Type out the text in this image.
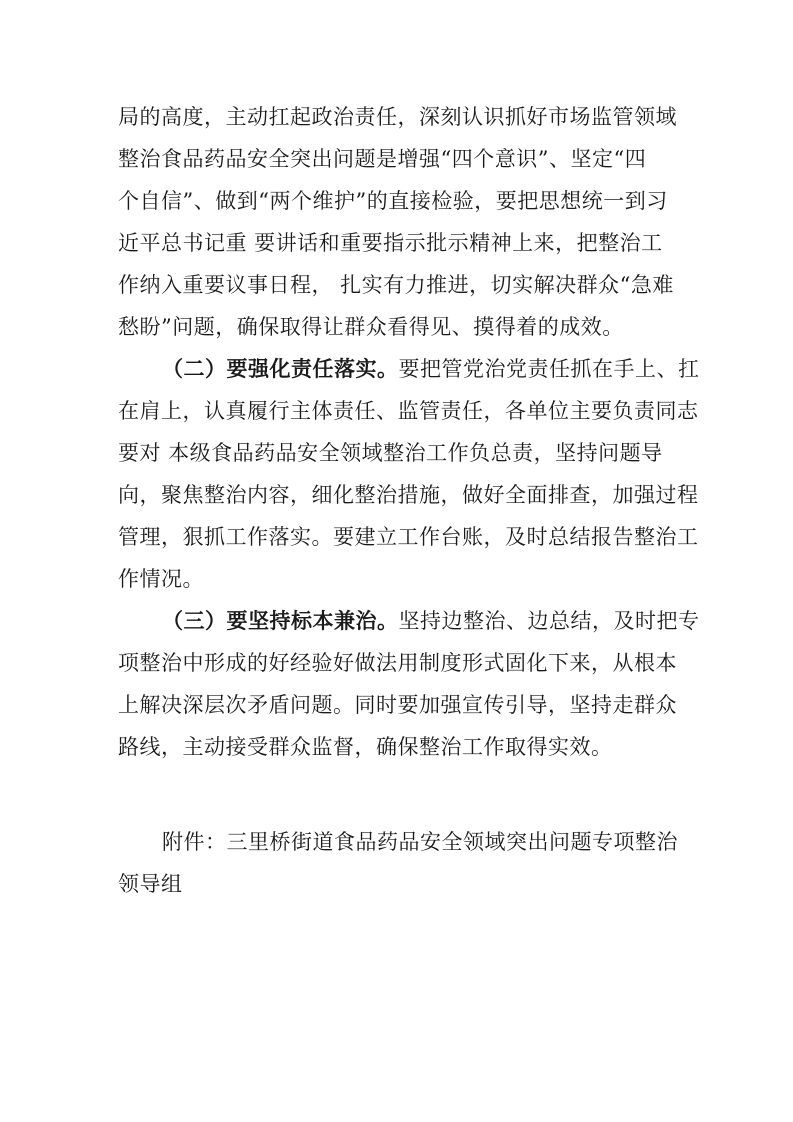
局的高度，主动扛起政治责任，深刻认识抓好市场监管领域
整治食品药品安全突出问题是增强“四个意识”、坚定“四
个自信”、做到“两个维护”的直接检验，要把思想统一到习
近平总书记重 要讲话和重要指示批示精神上来，把整治工
作纳入重要议事日程， 扎实有力推进，切实解决群众“急难
愁盼”问题，确保取得让群众看得见、摸得着的成效。
（二）要强化责任落实。要把管党治党责任抓在手上、扛
在肩上，认真履行主体责任、监管责任，各单位主要负责同志
要对 本级食品药品安全领域整治工作负总责，坚持问题导
向，聚焦整治内容，细化整治措施，做好全面排查，加强过程
管理，狠抓工作落实。要建立工作台账，及时总结报告整治工
作情况。
（三）要坚持标本兼治。坚持边整治、边总结，及时把专
项整治中形成的好经验好做法用制度形式固化下来，从根本
上解决深层次矛盾问题。同时要加强宣传引导，坚持走群众
路线，主动接受群众监督，确保整治工作取得实效。
附件：三里桥街道食品药品安全领域突出问题专项整治
领导组
